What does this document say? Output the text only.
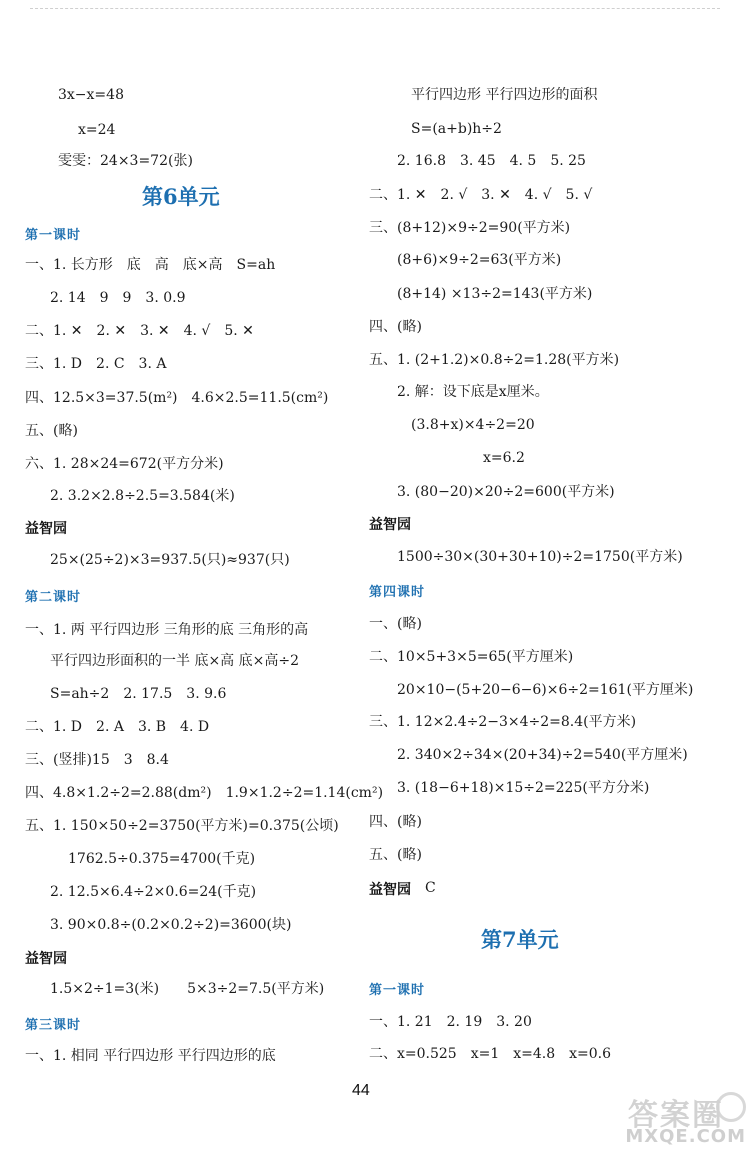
3x−x=48
x=24
雯雯：24×3=72(张)
第6单元
第一课时
一、1. 长方形　底　高　底×高　S=ah
2. 14　9　9　3. 0.9
二、1. ✕　2. ✕　3. ✕　4. √　5. ✕
三、1. D　2. C　3. A
四、12.5×3=37.5(m²)　4.6×2.5=11.5(cm²)
五、(略)
六、1. 28×24=672(平方分米)
2. 3.2×2.8÷2.5=3.584(米)
益智园
25×(25÷2)×3=937.5(只)≈937(只)
第二课时
一、1. 两 平行四边形 三角形的底 三角形的高
平行四边形面积的一半 底×高 底×高÷2
S=ah÷2　2. 17.5　3. 9.6
二、1. D　2. A　3. B　4. D
三、(竖排)15　3　8.4
四、4.8×1.2÷2=2.88(dm²)　1.9×1.2÷2=1.14(cm²)
五、1. 150×50÷2=3750(平方米)=0.375(公顷)
1762.5÷0.375=4700(千克)
2. 12.5×6.4÷2×0.6=24(千克)
3. 90×0.8÷(0.2×0.2÷2)=3600(块)
益智园
1.5×2÷1=3(米)　　5×3÷2=7.5(平方米)
第三课时
一、1. 相同 平行四边形 平行四边形的底
平行四边形 平行四边形的面积
S=(a+b)h÷2
2. 16.8　3. 45　4. 5　5. 25
二、1. ✕　2. √　3. ✕　4. √　5. √
三、(8+12)×9÷2=90(平方米)
(8+6)×9÷2=63(平方米)
(8+14) ×13÷2=143(平方米)
四、(略)
五、1. (2+1.2)×0.8÷2=1.28(平方米)
2. 解：设下底是x厘米。
(3.8+x)×4÷2=20
x=6.2
3. (80−20)×20÷2=600(平方米)
益智园
1500÷30×(30+30+10)÷2=1750(平方米)
第四课时
一、(略)
二、10×5+3×5=65(平方厘米)
20×10−(5+20−6−6)×6÷2=161(平方厘米)
三、1. 12×2.4÷2−3×4÷2=8.4(平方米)
2. 340×2÷34×(20+34)÷2=540(平方厘米)
3. (18−6+18)×15÷2=225(平方分米)
四、(略)
五、(略)
益智园 C
第7单元
第一课时
一、1. 21　2. 19　3. 20
二、x=0.525　x=1　x=4.8　x=0.6
44
答案圈
MXQE.COM
